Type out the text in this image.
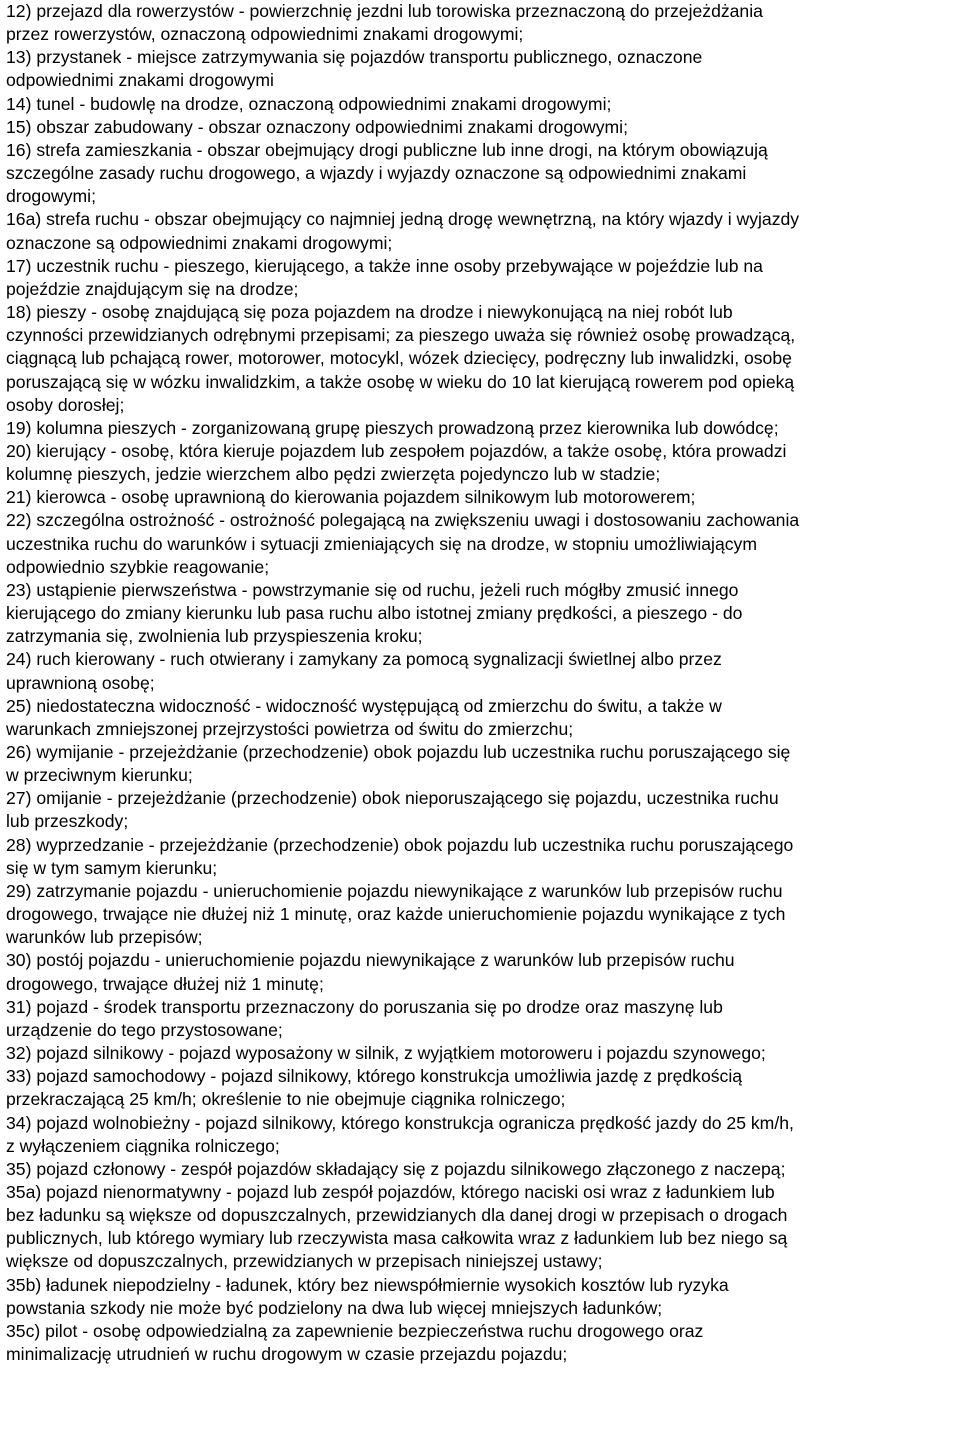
12) przejazd dla rowerzystów - powierzchnię jezdni lub torowiska przeznaczoną do przejeżdżania
przez rowerzystów, oznaczoną odpowiednimi znakami drogowymi;
13) przystanek - miejsce zatrzymywania się pojazdów transportu publicznego, oznaczone
odpowiednimi znakami drogowymi
14) tunel - budowlę na drodze, oznaczoną odpowiednimi znakami drogowymi;
15) obszar zabudowany - obszar oznaczony odpowiednimi znakami drogowymi;
16) strefa zamieszkania - obszar obejmujący drogi publiczne lub inne drogi, na którym obowiązują
szczególne zasady ruchu drogowego, a wjazdy i wyjazdy oznaczone są odpowiednimi znakami
drogowymi;
16a) strefa ruchu - obszar obejmujący co najmniej jedną drogę wewnętrzną, na który wjazdy i wyjazdy
oznaczone są odpowiednimi znakami drogowymi;
17) uczestnik ruchu - pieszego, kierującego, a także inne osoby przebywające w pojeździe lub na
pojeździe znajdującym się na drodze;
18) pieszy - osobę znajdującą się poza pojazdem na drodze i niewykonującą na niej robót lub
czynności przewidzianych odrębnymi przepisami; za pieszego uważa się również osobę prowadzącą,
ciągnącą lub pchającą rower, motorower, motocykl, wózek dziecięcy, podręczny lub inwalidzki, osobę
poruszającą się w wózku inwalidzkim, a także osobę w wieku do 10 lat kierującą rowerem pod opieką
osoby dorosłej;
19) kolumna pieszych - zorganizowaną grupę pieszych prowadzoną przez kierownika lub dowódcę;
20) kierujący - osobę, która kieruje pojazdem lub zespołem pojazdów, a także osobę, która prowadzi
kolumnę pieszych, jedzie wierzchem albo pędzi zwierzęta pojedynczo lub w stadzie;
21) kierowca - osobę uprawnioną do kierowania pojazdem silnikowym lub motorowerem;
22) szczególna ostrożność - ostrożność polegającą na zwiększeniu uwagi i dostosowaniu zachowania
uczestnika ruchu do warunków i sytuacji zmieniających się na drodze, w stopniu umożliwiającym
odpowiednio szybkie reagowanie;
23) ustąpienie pierwszeństwa - powstrzymanie się od ruchu, jeżeli ruch mógłby zmusić innego
kierującego do zmiany kierunku lub pasa ruchu albo istotnej zmiany prędkości, a pieszego - do
zatrzymania się, zwolnienia lub przyspieszenia kroku;
24) ruch kierowany - ruch otwierany i zamykany za pomocą sygnalizacji świetlnej albo przez
uprawnioną osobę;
25) niedostateczna widoczność - widoczność występującą od zmierzchu do świtu, a także w
warunkach zmniejszonej przejrzystości powietrza od świtu do zmierzchu;
26) wymijanie - przejeżdżanie (przechodzenie) obok pojazdu lub uczestnika ruchu poruszającego się
w przeciwnym kierunku;
27) omijanie - przejeżdżanie (przechodzenie) obok nieporuszającego się pojazdu, uczestnika ruchu
lub przeszkody;
28) wyprzedzanie - przejeżdżanie (przechodzenie) obok pojazdu lub uczestnika ruchu poruszającego
się w tym samym kierunku;
29) zatrzymanie pojazdu - unieruchomienie pojazdu niewynikające z warunków lub przepisów ruchu
drogowego, trwające nie dłużej niż 1 minutę, oraz każde unieruchomienie pojazdu wynikające z tych
warunków lub przepisów;
30) postój pojazdu - unieruchomienie pojazdu niewynikające z warunków lub przepisów ruchu
drogowego, trwające dłużej niż 1 minutę;
31) pojazd - środek transportu przeznaczony do poruszania się po drodze oraz maszynę lub
urządzenie do tego przystosowane;
32) pojazd silnikowy - pojazd wyposażony w silnik, z wyjątkiem motoroweru i pojazdu szynowego;
33) pojazd samochodowy - pojazd silnikowy, którego konstrukcja umożliwia jazdę z prędkością
przekraczającą 25 km/h; określenie to nie obejmuje ciągnika rolniczego;
34) pojazd wolnobieżny - pojazd silnikowy, którego konstrukcja ogranicza prędkość jazdy do 25 km/h,
z wyłączeniem ciągnika rolniczego;
35) pojazd członowy - zespół pojazdów składający się z pojazdu silnikowego złączonego z naczepą;
35a) pojazd nienormatywny - pojazd lub zespół pojazdów, którego naciski osi wraz z ładunkiem lub
bez ładunku są większe od dopuszczalnych, przewidzianych dla danej drogi w przepisach o drogach
publicznych, lub którego wymiary lub rzeczywista masa całkowita wraz z ładunkiem lub bez niego są
większe od dopuszczalnych, przewidzianych w przepisach niniejszej ustawy;
35b) ładunek niepodzielny - ładunek, który bez niewspółmiernie wysokich kosztów lub ryzyka
powstania szkody nie może być podzielony na dwa lub więcej mniejszych ładunków;
35c) pilot - osobę odpowiedzialną za zapewnienie bezpieczeństwa ruchu drogowego oraz
minimalizację utrudnień w ruchu drogowym w czasie przejazdu pojazdu;
